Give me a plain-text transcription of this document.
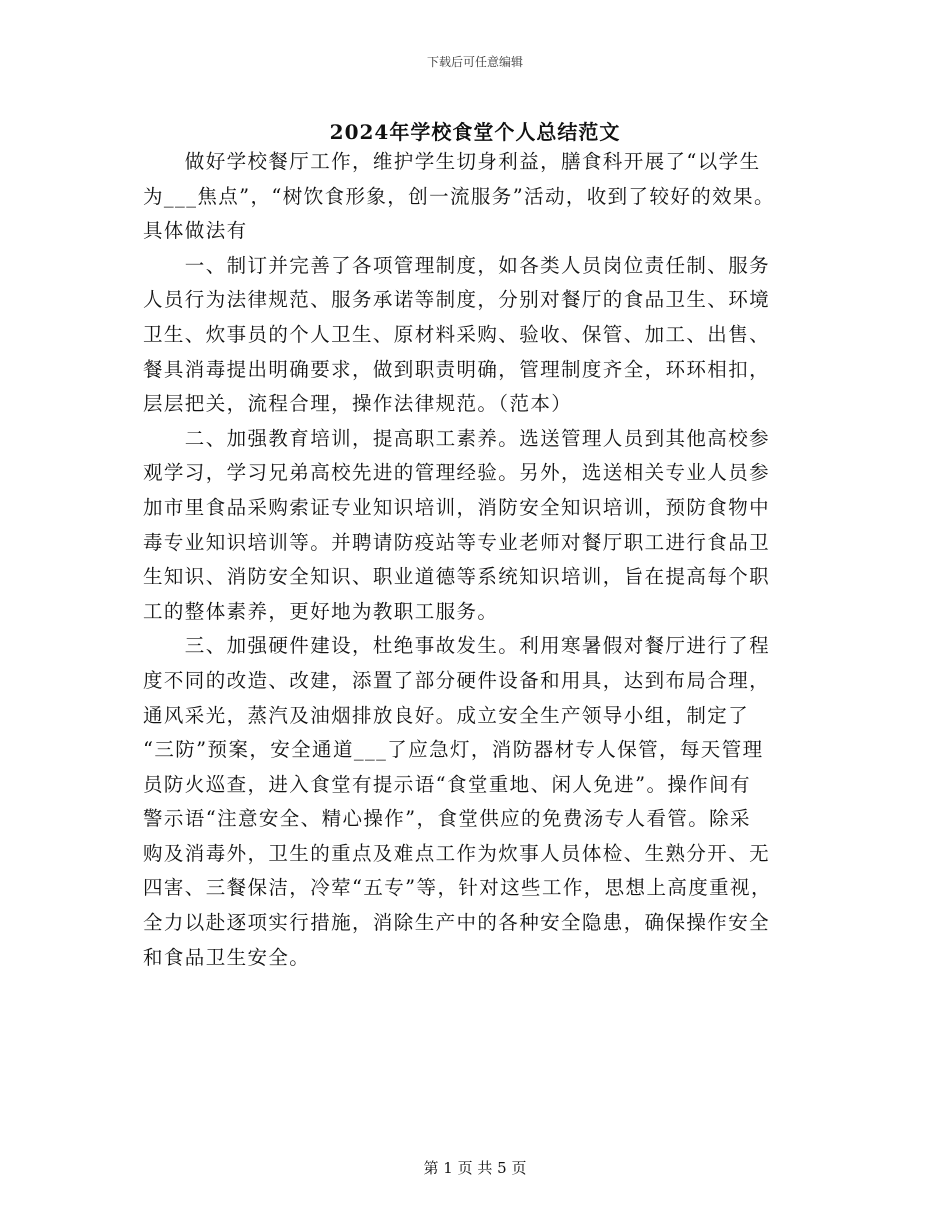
下载后可任意编辑
2024年学校食堂个人总结范文

　　做好学校餐厅工作，维护学生切身利益，膳食科开展了“以学生

为___焦点”，“树饮食形象，创一流服务”活动，收到了较好的效果。

具体做法有

　　一、制订并完善了各项管理制度，如各类人员岗位责任制、服务

人员行为法律规范、服务承诺等制度，分别对餐厅的食品卫生、环境

卫生、炊事员的个人卫生、原材料采购、验收、保管、加工、出售、

餐具消毒提出明确要求，做到职责明确，管理制度齐全，环环相扣，

层层把关，流程合理，操作法律规范。（范本）

　　二、加强教育培训，提高职工素养。选送管理人员到其他高校参

观学习，学习兄弟高校先进的管理经验。另外，选送相关专业人员参

加市里食品采购索证专业知识培训，消防安全知识培训，预防食物中

毒专业知识培训等。并聘请防疫站等专业老师对餐厅职工进行食品卫

生知识、消防安全知识、职业道德等系统知识培训，旨在提高每个职

工的整体素养，更好地为教职工服务。

　　三、加强硬件建设，杜绝事故发生。利用寒暑假对餐厅进行了程

度不同的改造、改建，添置了部分硬件设备和用具，达到布局合理，

通风采光，蒸汽及油烟排放良好。成立安全生产领导小组，制定了

“三防”预案，安全通道___了应急灯，消防器材专人保管，每天管理

员防火巡查，进入食堂有提示语“食堂重地、闲人免进”。操作间有

警示语“注意安全、精心操作”，食堂供应的免费汤专人看管。除采

购及消毒外，卫生的重点及难点工作为炊事人员体检、生熟分开、无

四害、三餐保洁，冷荤“五专”等，针对这些工作，思想上高度重视，

全力以赴逐项实行措施，消除生产中的各种安全隐患，确保操作安全

和食品卫生安全。

第 1 页 共 5 页
